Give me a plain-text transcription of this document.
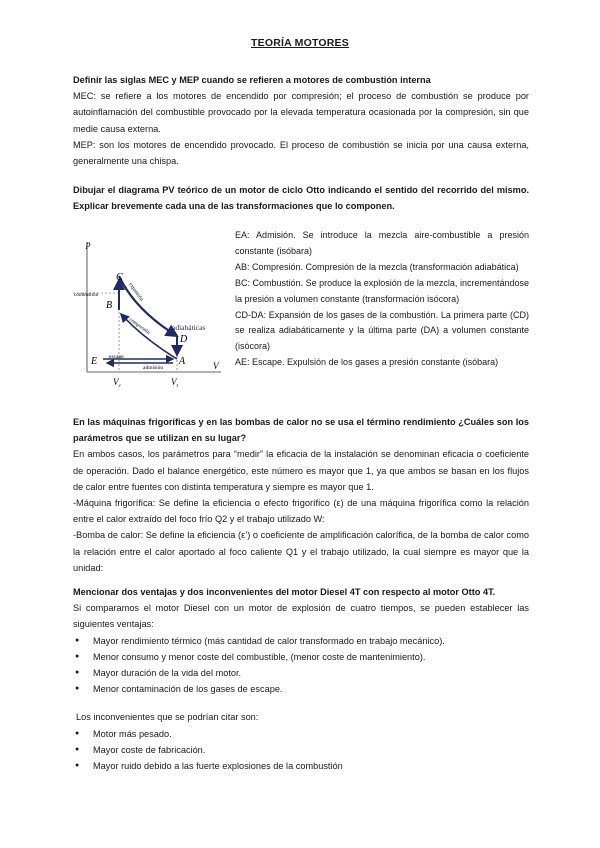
TEORÍA MOTORES

Definir las siglas MEC y MEP cuando se refieren a motores de combustión interna

MEC: se refiere a los motores de encendido por compresión; el proceso de combustión se produce por autoinflamación del combustible provocado por la elevada temperatura ocasionada por la compresión, sin que medie causa externa.

MEP: son los motores de encendido provocado. El proceso de combustión se inicia por una causa externa, generalmente una chispa.

Dibujar el diagrama PV teórico de un motor de ciclo Otto indicando el sentido del recorrido del mismo. Explicar brevemente cada una de las transformaciones que lo componen.
p
V
C
B
D
A
E
combustión	expansión
compresión	adiabáticas
escape
admisión
$V_c$	$V_t$

EA: Admisión. Se introduce la mezcla aire-combustible a presión constante (isóbara)

AB: Compresión. Compresión de la mezcla (transformación adiabática)

BC: Combustión. Se produce la explosión de la mezcla, incrementándose la presión a volumen constante (transformación isócora)

CD-DA: Expansión de los gases de la combustión. La primera parte (CD) se realiza adiabáticamente y la última parte (DA) a volumen constante (isócora)

AE: Escape. Expulsión de los gases a presión constante (isóbara)

En las máquinas frigoríficas y en las bombas de calor no se usa el término rendimiento ¿Cuáles son los parámetros que se utilizan en su lugar?

En ambos casos, los parámetros para “medir” la eficacia de la instalación se denominan eficacia o coeficiente de operación. Dado el balance energético, este número es mayor que 1, ya que ambos se basan en los flujos de calor entre fuentes con distinta temperatura y siempre es mayor que 1.

-Máquina frigorífica: Se define la eficiencia o efecto frigorífico (ε) de una máquina frigorífica como la relación entre el calor extraído del foco frío Q2 y el trabajo utilizado W:

-Bomba de calor: Se define la eficiencia (ε’) o coeficiente de amplificación calorífica, de la bomba de calor como la relación entre el calor aportado al foco caliente Q1 y el trabajo utilizado, la cual siempre es mayor que la unidad:

Mencionar dos ventajas y dos inconvenientes del motor Diesel 4T con respecto al motor Otto 4T.

Si comparamos el motor Diesel con un motor de explosión de cuatro tiempos, se pueden establecer las siguientes ventajas:

● Mayor rendimiento térmico (más cantidad de calor transformado en trabajo mecánico).
● Menor consumo y menor coste del combustible, (menor coste de mantenimiento).
● Mayor duración de la vida del motor.
● Menor contaminación de los gases de escape.

Los inconvenientes que se podrían citar son:

● Motor más pesado.
● Mayor coste de fabricación.
● Mayor ruido debido a las fuerte explosiones de la combustión
